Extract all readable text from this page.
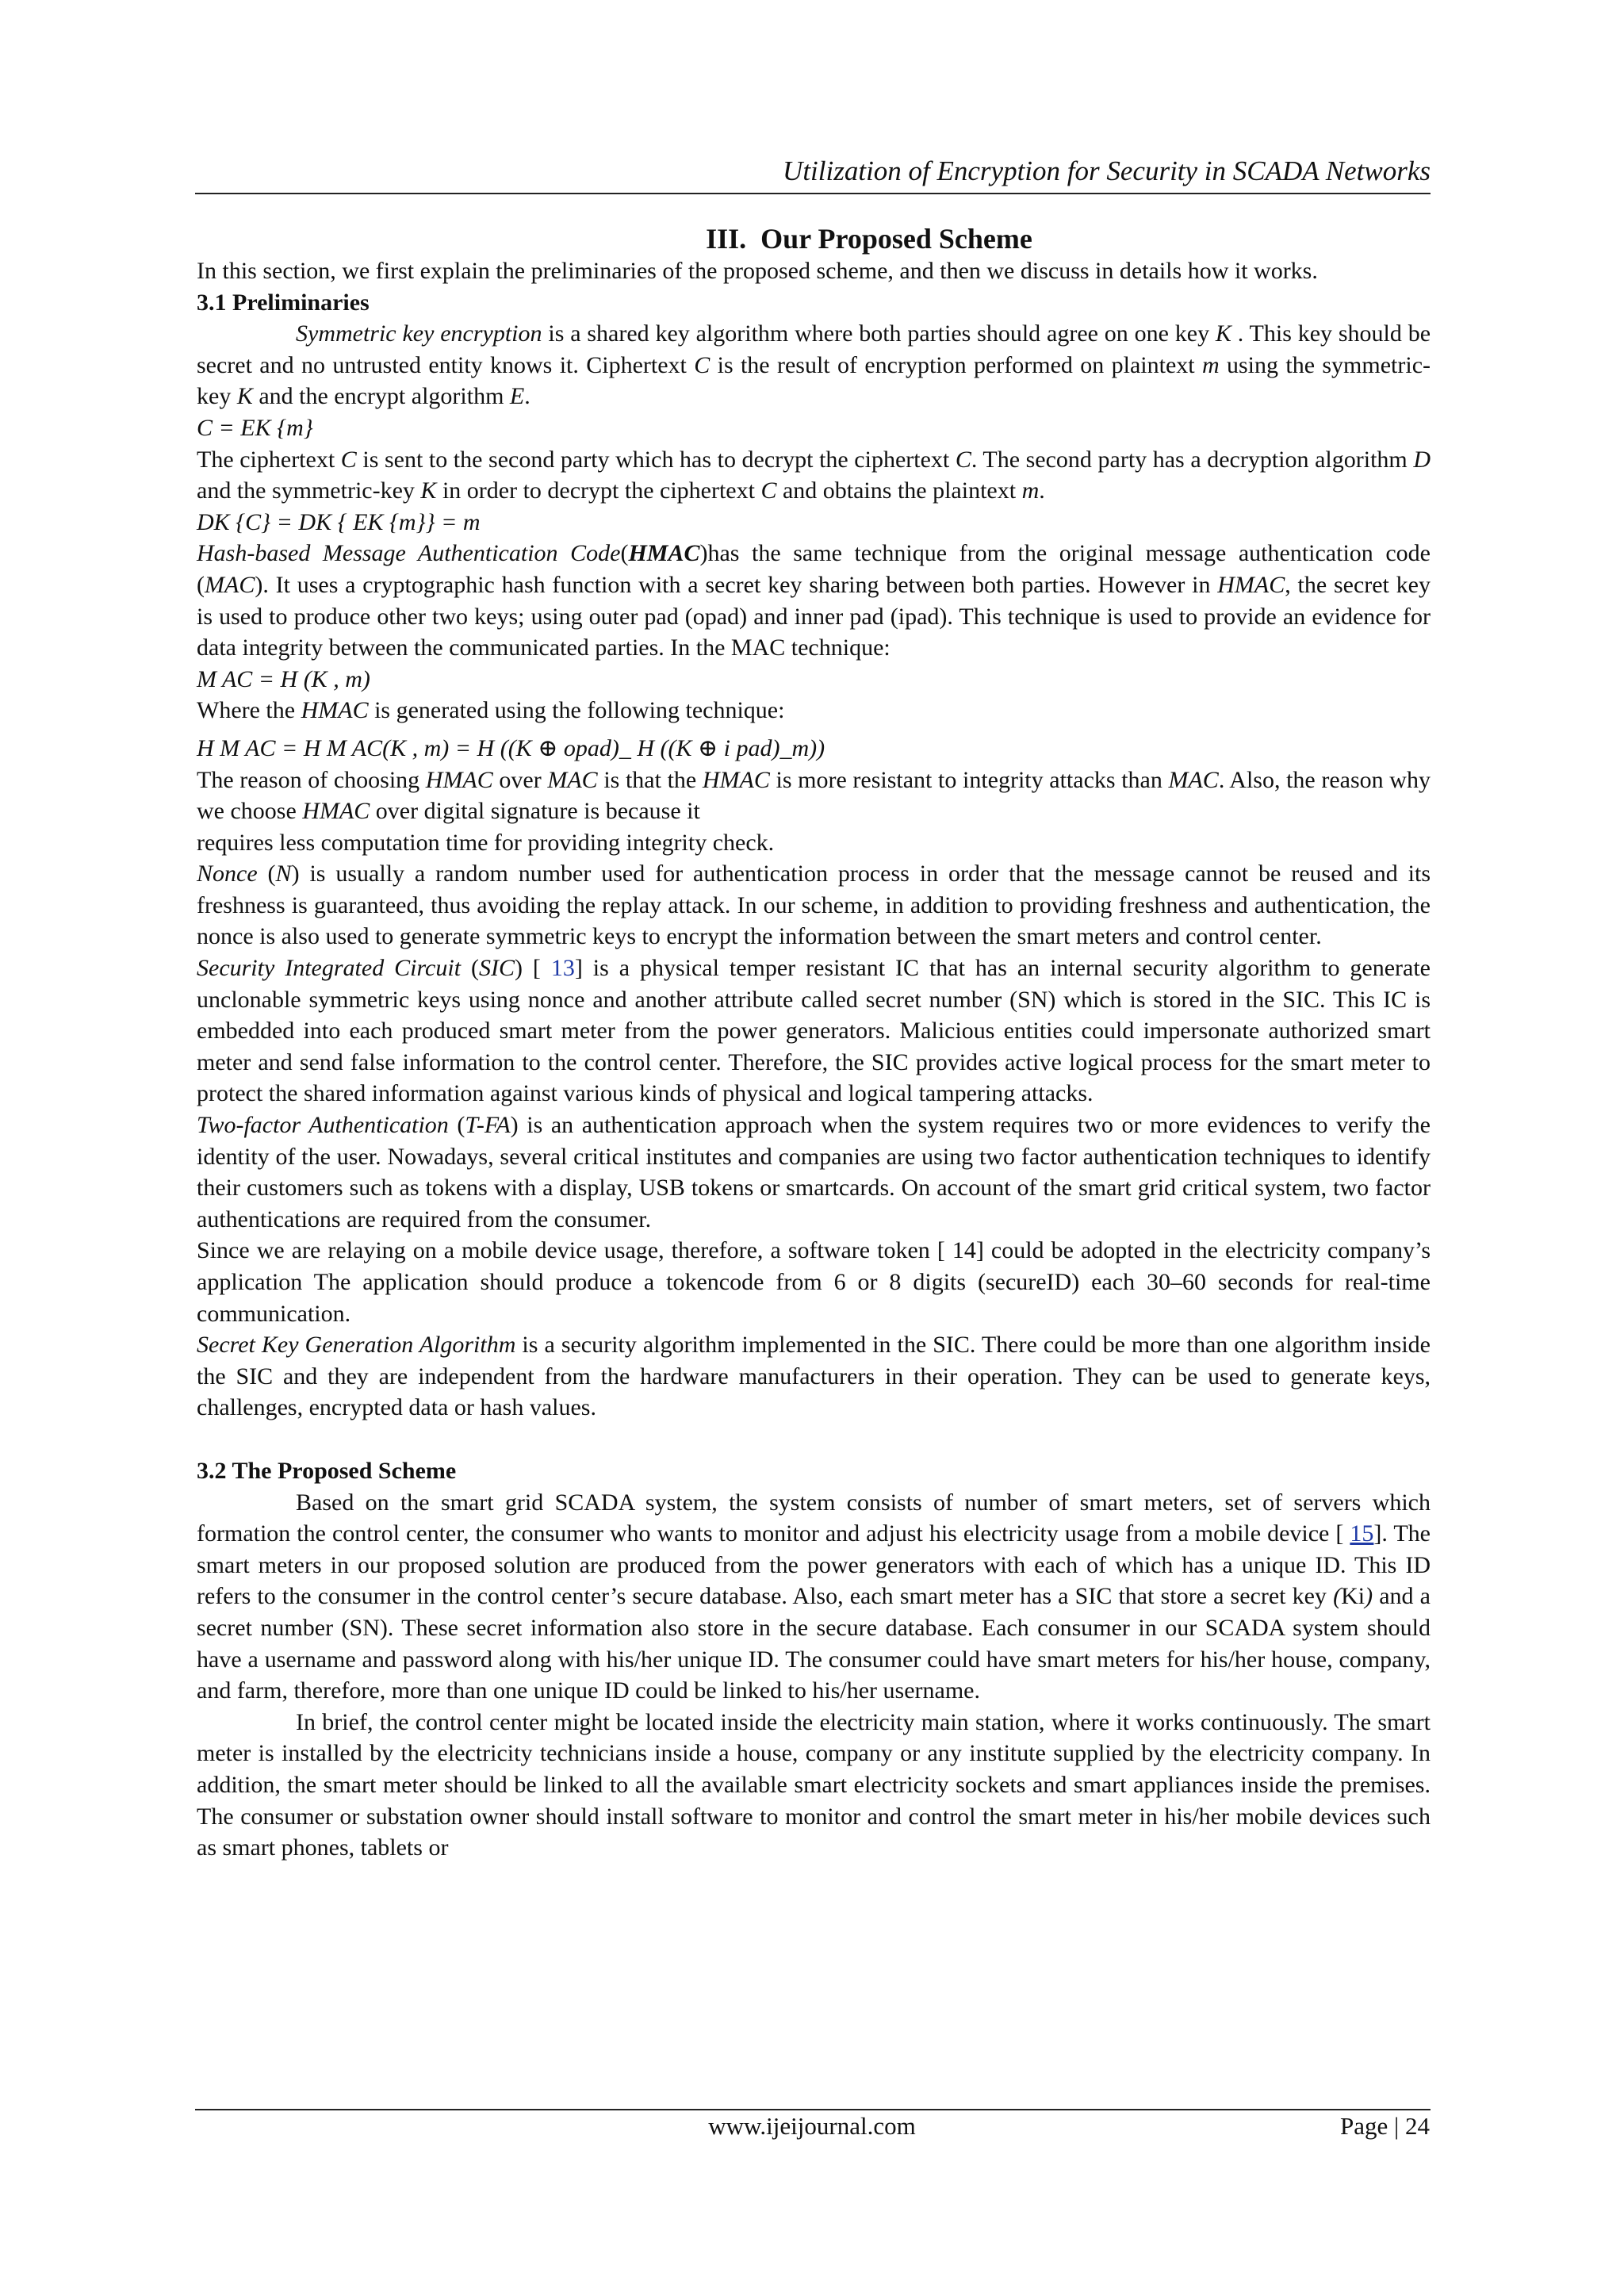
Utilization of Encryption for Security in SCADA Networks

III. Our Proposed Scheme

In this section, we first explain the preliminaries of the proposed scheme, and then we discuss in details how it works.

3.1 Preliminaries

Symmetric key encryption is a shared key algorithm where both parties should agree on one key K . This key should be secret and no untrusted entity knows it. Ciphertext C is the result of encryption performed on plaintext m using the symmetric-key K and the encrypt algorithm E.

C = EK {m}

The ciphertext C is sent to the second party which has to decrypt the ciphertext C. The second party has a decryption algorithm D and the symmetric-key K in order to decrypt the ciphertext C and obtains the plaintext m.

DK {C} = DK { EK {m}} = m

Hash-based Message Authentication Code(HMAC)has the same technique from the original message authentication code (MAC). It uses a cryptographic hash function with a secret key sharing between both parties. However in HMAC, the secret key is used to produce other two keys; using outer pad (opad) and inner pad (ipad). This technique is used to provide an evidence for data integrity between the communicated parties. In the MAC technique:

M AC = H (K , m)

Where the HMAC is generated using the following technique:

H M AC = H M AC(K , m) = H ((K ⊕ opad)_ H ((K ⊕ i pad)_m))

The reason of choosing HMAC over MAC is that the HMAC is more resistant to integrity attacks than MAC. Also, the reason why we choose HMAC over digital signature is because it

requires less computation time for providing integrity check.

Nonce (N) is usually a random number used for authentication process in order that the message cannot be reused and its freshness is guaranteed, thus avoiding the replay attack. In our scheme, in addition to providing freshness and authentication, the nonce is also used to generate symmetric keys to encrypt the information between the smart meters and control center.

Security Integrated Circuit (SIC) [ 13] is a physical temper resistant IC that has an internal security algorithm to generate unclonable symmetric keys using nonce and another attribute called secret number (SN) which is stored in the SIC. This IC is embedded into each produced smart meter from the power generators. Malicious entities could impersonate authorized smart meter and send false information to the control center. Therefore, the SIC provides active logical process for the smart meter to protect the shared information against various kinds of physical and logical tampering attacks.

Two-factor Authentication (T-FA) is an authentication approach when the system requires two or more evidences to verify the identity of the user. Nowadays, several critical institutes and companies are using two factor authentication techniques to identify their customers such as tokens with a display, USB tokens or smartcards. On account of the smart grid critical system, two factor authentications are required from the consumer.

Since we are relaying on a mobile device usage, therefore, a software token [ 14] could be adopted in the electricity company’s application The application should produce a tokencode from 6 or 8 digits (secureID) each 30–60 seconds for real-time communication.

Secret Key Generation Algorithm is a security algorithm implemented in the SIC. There could be more than one algorithm inside the SIC and they are independent from the hardware manufacturers in their operation. They can be used to generate keys, challenges, encrypted data or hash values.

3.2 The Proposed Scheme

Based on the smart grid SCADA system, the system consists of number of smart meters, set of servers which formation the control center, the consumer who wants to monitor and adjust his electricity usage from a mobile device [ 15]. The smart meters in our proposed solution are produced from the power generators with each of which has a unique ID. This ID refers to the consumer in the control center’s secure database. Also, each smart meter has a SIC that store a secret key (Ki) and a secret number (SN). These secret information also store in the secure database. Each consumer in our SCADA system should have a username and password along with his/her unique ID. The consumer could have smart meters for his/her house, company, and farm, therefore, more than one unique ID could be linked to his/her username.

In brief, the control center might be located inside the electricity main station, where it works continuously. The smart meter is installed by the electricity technicians inside a house, company or any institute supplied by the electricity company. In addition, the smart meter should be linked to all the available smart electricity sockets and smart appliances inside the premises. The consumer or substation owner should install software to monitor and control the smart meter in his/her mobile devices such as smart phones, tablets or

www.ijeijournal.com	Page | 24
